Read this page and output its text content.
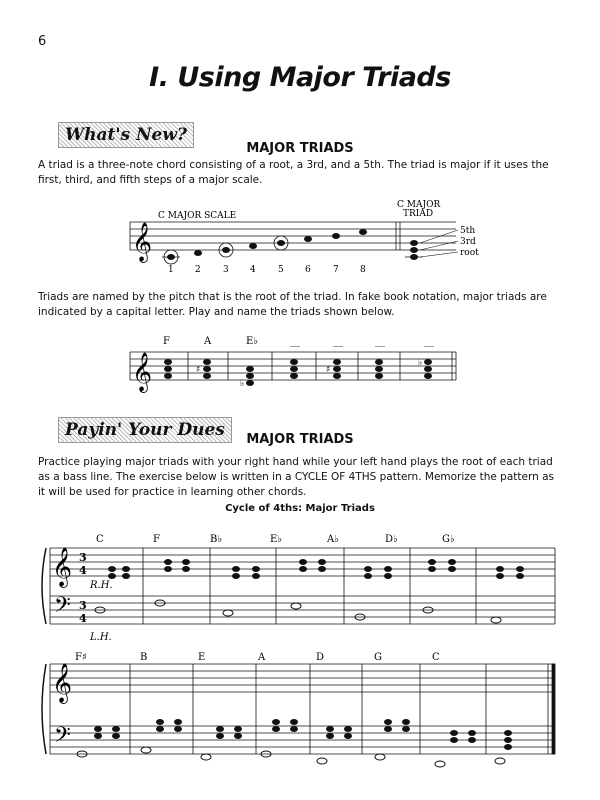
6
I. Using Major Triads
What's New?
MAJOR TRIADS
A triad is a three-note chord consisting of a root, a 3rd, and a 5th. The triad is major if it uses the first, third, and fifth steps of a major scale.
Triads are named by the pitch that is the root of the triad. In fake book notation, major triads are indicated by a capital letter. Play and name the triads shown below.
Payin' Your Dues	MAJOR TRIADS
Practice playing major triads with your right hand while your left hand plays the root of each triad as a bass line. The exercise below is written in a CYCLE OF 4THS pattern. Memorize the pattern as it will be used for practice in learning other chords.
Cycle of 4ths: Major Triads
𝄞
C MAJOR SCALE
C MAJOR
TRIAD
5th
3rd
root
1 2 3 4 5 6 7 8
𝄞
F	A	E♭	__	__	__	__
♯
♭
♯
♭
𝄞
𝄢
3
4
3
4
R.H.
L.H.
C	F	B♭	E♭	A♭	D♭	G♭
𝄞
𝄢
F♯	B	E	A	D	G	C
